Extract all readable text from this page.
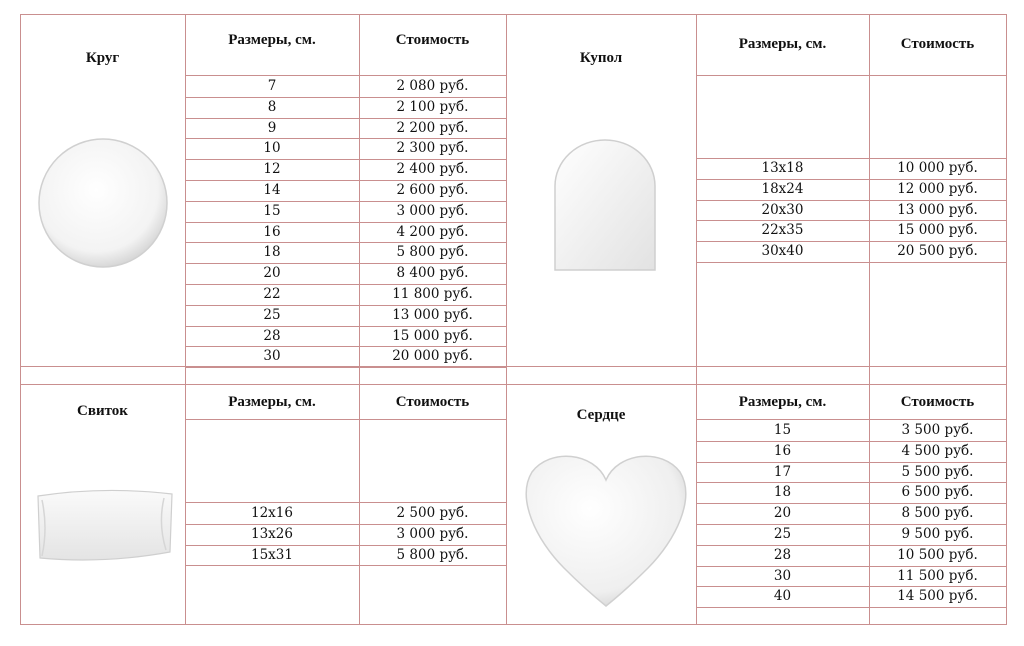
Круг
Размеры, см.	Стоимость
7	2 080 руб.
8	2 100 руб.
9	2 200 руб.
10	2 300 руб.
12	2 400 руб.
14	2 600 руб.
15	3 000 руб.
16	4 200 руб.
18	5 800 руб.
20	8 400 руб.
22	11 800 руб.
25	13 000 руб.
28	15 000 руб.
30	20 000 руб.
Купол
Размеры, см.	Стоимость
13х18	10 000 руб.
18х24	12 000 руб.
20х30	13 000 руб.
22х35	15 000 руб.
30х40	20 500 руб.
Свиток
Размеры, см.	Стоимость
12х16	2 500 руб.
13х26	3 000 руб.
15х31	5 800 руб.
Сердце
Размеры, см.	Стоимость
15	3 500 руб.
16	4 500 руб.
17	5 500 руб.
18	6 500 руб.
20	8 500 руб.
25	9 500 руб.
28	10 500 руб.
30	11 500 руб.
40	14 500 руб.
